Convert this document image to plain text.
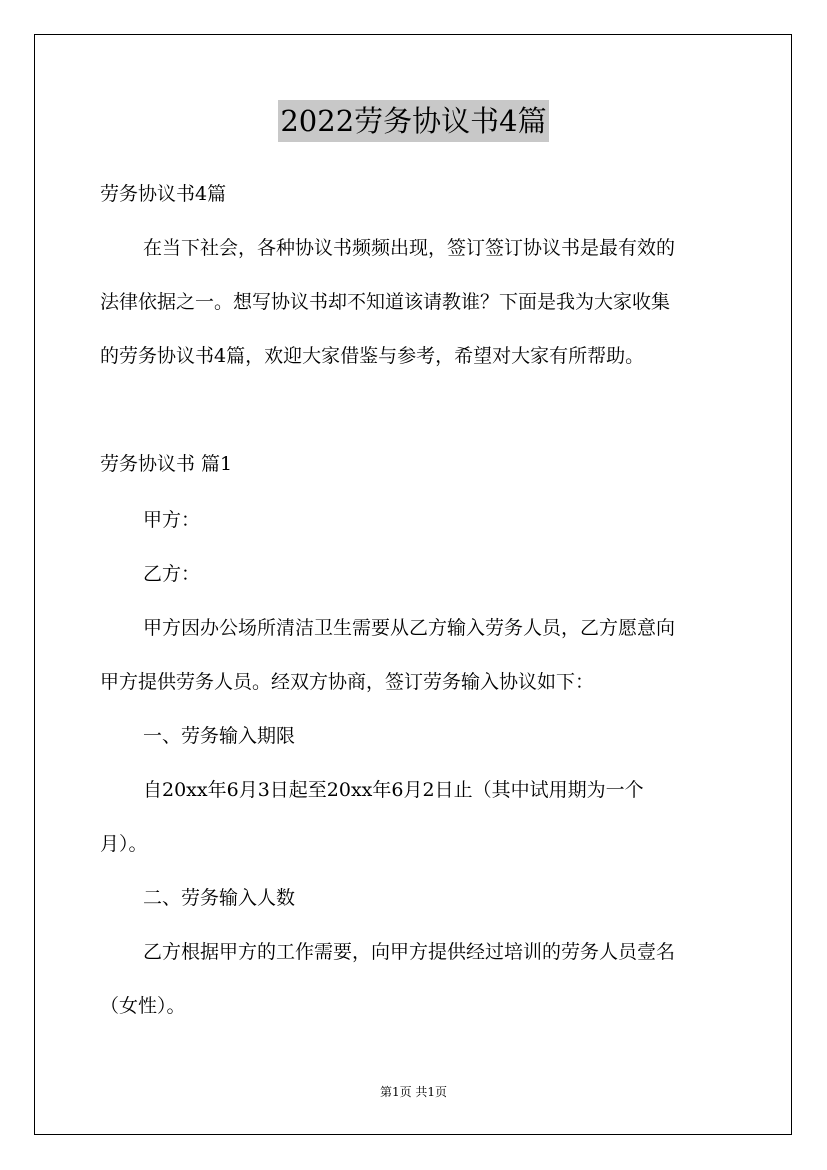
2022劳务协议书4篇
劳务协议书4篇
在当下社会，各种协议书频频出现，签订签订协议书是最有效的
法律依据之一。想写协议书却不知道该请教谁？下面是我为大家收集
的劳务协议书4篇，欢迎大家借鉴与参考，希望对大家有所帮助。
劳务协议书 篇1
甲方：
乙方：
甲方因办公场所清洁卫生需要从乙方输入劳务人员，乙方愿意向
甲方提供劳务人员。经双方协商，签订劳务输入协议如下：
一、劳务输入期限
自20xx年6月3日起至20xx年6月2日止（其中试用期为一个
月）。
二、劳务输入人数
乙方根据甲方的工作需要，向甲方提供经过培训的劳务人员壹名
（女性）。
第1页 共1页
